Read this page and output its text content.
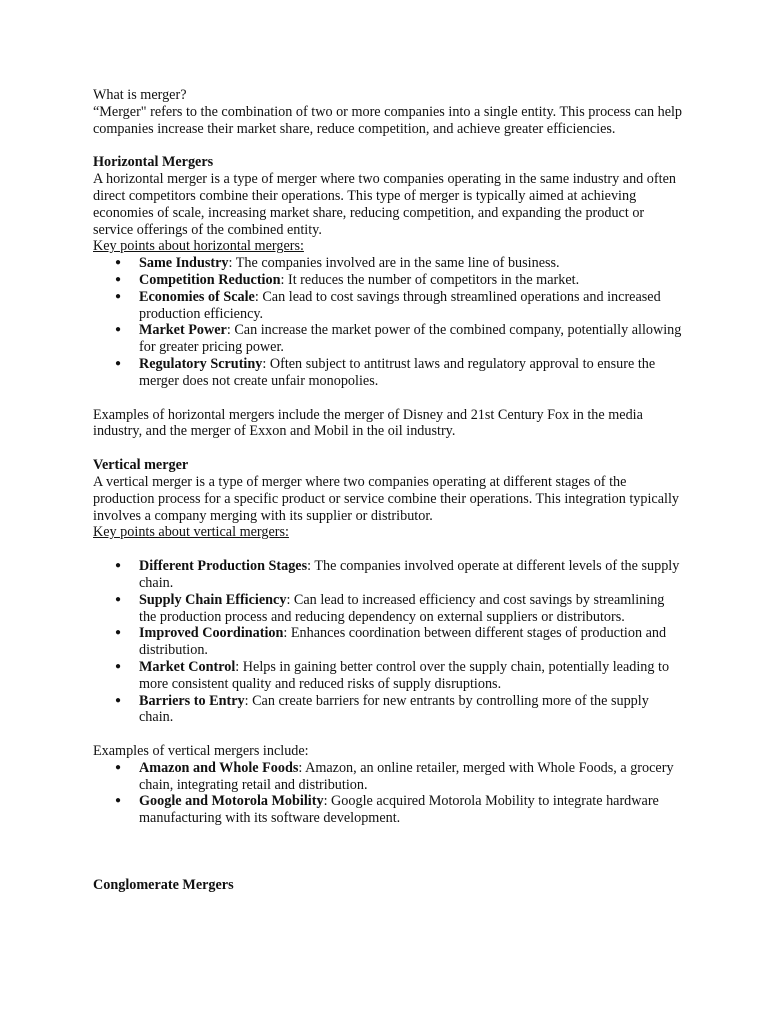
What is merger?

“Merger" refers to the combination of two or more companies into a single entity. This process can help companies increase their market share, reduce competition, and achieve greater efficiencies.

Horizontal Mergers

A horizontal merger is a type of merger where two companies operating in the same industry and often direct competitors combine their operations. This type of merger is typically aimed at achieving economies of scale, increasing market share, reducing competition, and expanding the product or service offerings of the combined entity.

Key points about horizontal mergers:

● Same Industry: The companies involved are in the same line of business.
● Competition Reduction: It reduces the number of competitors in the market.
● Economies of Scale: Can lead to cost savings through streamlined operations and increased production efficiency.
● Market Power: Can increase the market power of the combined company, potentially allowing for greater pricing power.
● Regulatory Scrutiny: Often subject to antitrust laws and regulatory approval to ensure the merger does not create unfair monopolies.

Examples of horizontal mergers include the merger of Disney and 21st Century Fox in the media industry, and the merger of Exxon and Mobil in the oil industry.

Vertical merger

A vertical merger is a type of merger where two companies operating at different stages of the production process for a specific product or service combine their operations. This integration typically involves a company merging with its supplier or distributor.

Key points about vertical mergers:

● Different Production Stages: The companies involved operate at different levels of the supply chain.
● Supply Chain Efficiency: Can lead to increased efficiency and cost savings by streamlining the production process and reducing dependency on external suppliers or distributors.
● Improved Coordination: Enhances coordination between different stages of production and distribution.
● Market Control: Helps in gaining better control over the supply chain, potentially leading to more consistent quality and reduced risks of supply disruptions.
● Barriers to Entry: Can create barriers for new entrants by controlling more of the supply chain.

Examples of vertical mergers include:

● Amazon and Whole Foods: Amazon, an online retailer, merged with Whole Foods, a grocery chain, integrating retail and distribution.
● Google and Motorola Mobility: Google acquired Motorola Mobility to integrate hardware manufacturing with its software development.

Conglomerate Mergers
